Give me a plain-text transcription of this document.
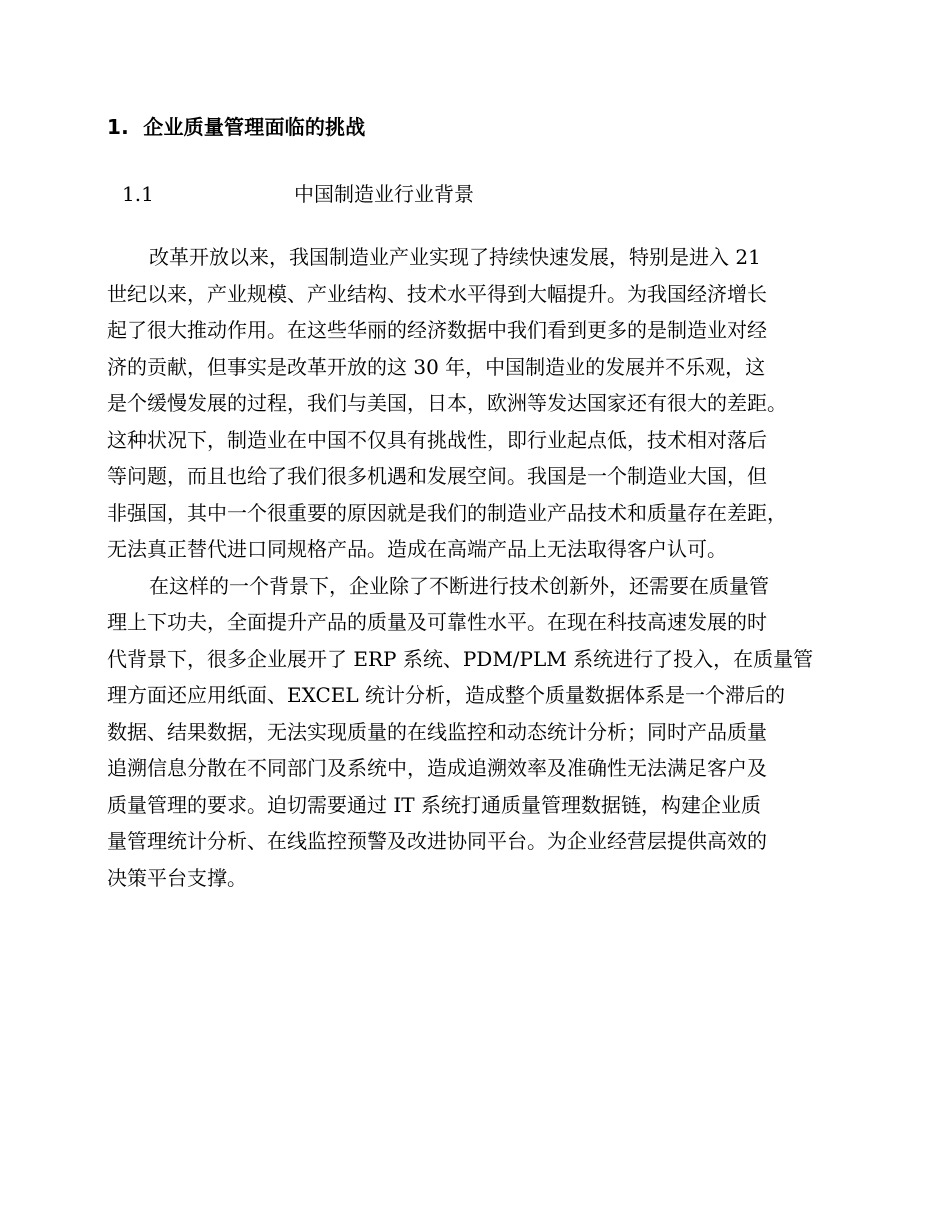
1. 企业质量管理面临的挑战
1.1	中国制造业行业背景
改革开放以来，我国制造业产业实现了持续快速发展，特别是进入 21
世纪以来，产业规模、产业结构、技术水平得到大幅提升。为我国经济增长
起了很大推动作用。在这些华丽的经济数据中我们看到更多的是制造业对经
济的贡献，但事实是改革开放的这 30 年，中国制造业的发展并不乐观，这
是个缓慢发展的过程，我们与美国，日本，欧洲等发达国家还有很大的差距。
这种状况下，制造业在中国不仅具有挑战性，即行业起点低，技术相对落后
等问题，而且也给了我们很多机遇和发展空间。我国是一个制造业大国，但
非强国，其中一个很重要的原因就是我们的制造业产品技术和质量存在差距，
无法真正替代进口同规格产品。造成在高端产品上无法取得客户认可。
在这样的一个背景下，企业除了不断进行技术创新外，还需要在质量管
理上下功夫，全面提升产品的质量及可靠性水平。在现在科技高速发展的时
代背景下，很多企业展开了 ERP 系统、PDM/PLM 系统进行了投入，在质量管
理方面还应用纸面、EXCEL 统计分析，造成整个质量数据体系是一个滞后的
数据、结果数据，无法实现质量的在线监控和动态统计分析；同时产品质量
追溯信息分散在不同部门及系统中，造成追溯效率及准确性无法满足客户及
质量管理的要求。迫切需要通过 IT 系统打通质量管理数据链，构建企业质
量管理统计分析、在线监控预警及改进协同平台。为企业经营层提供高效的
决策平台支撑。
